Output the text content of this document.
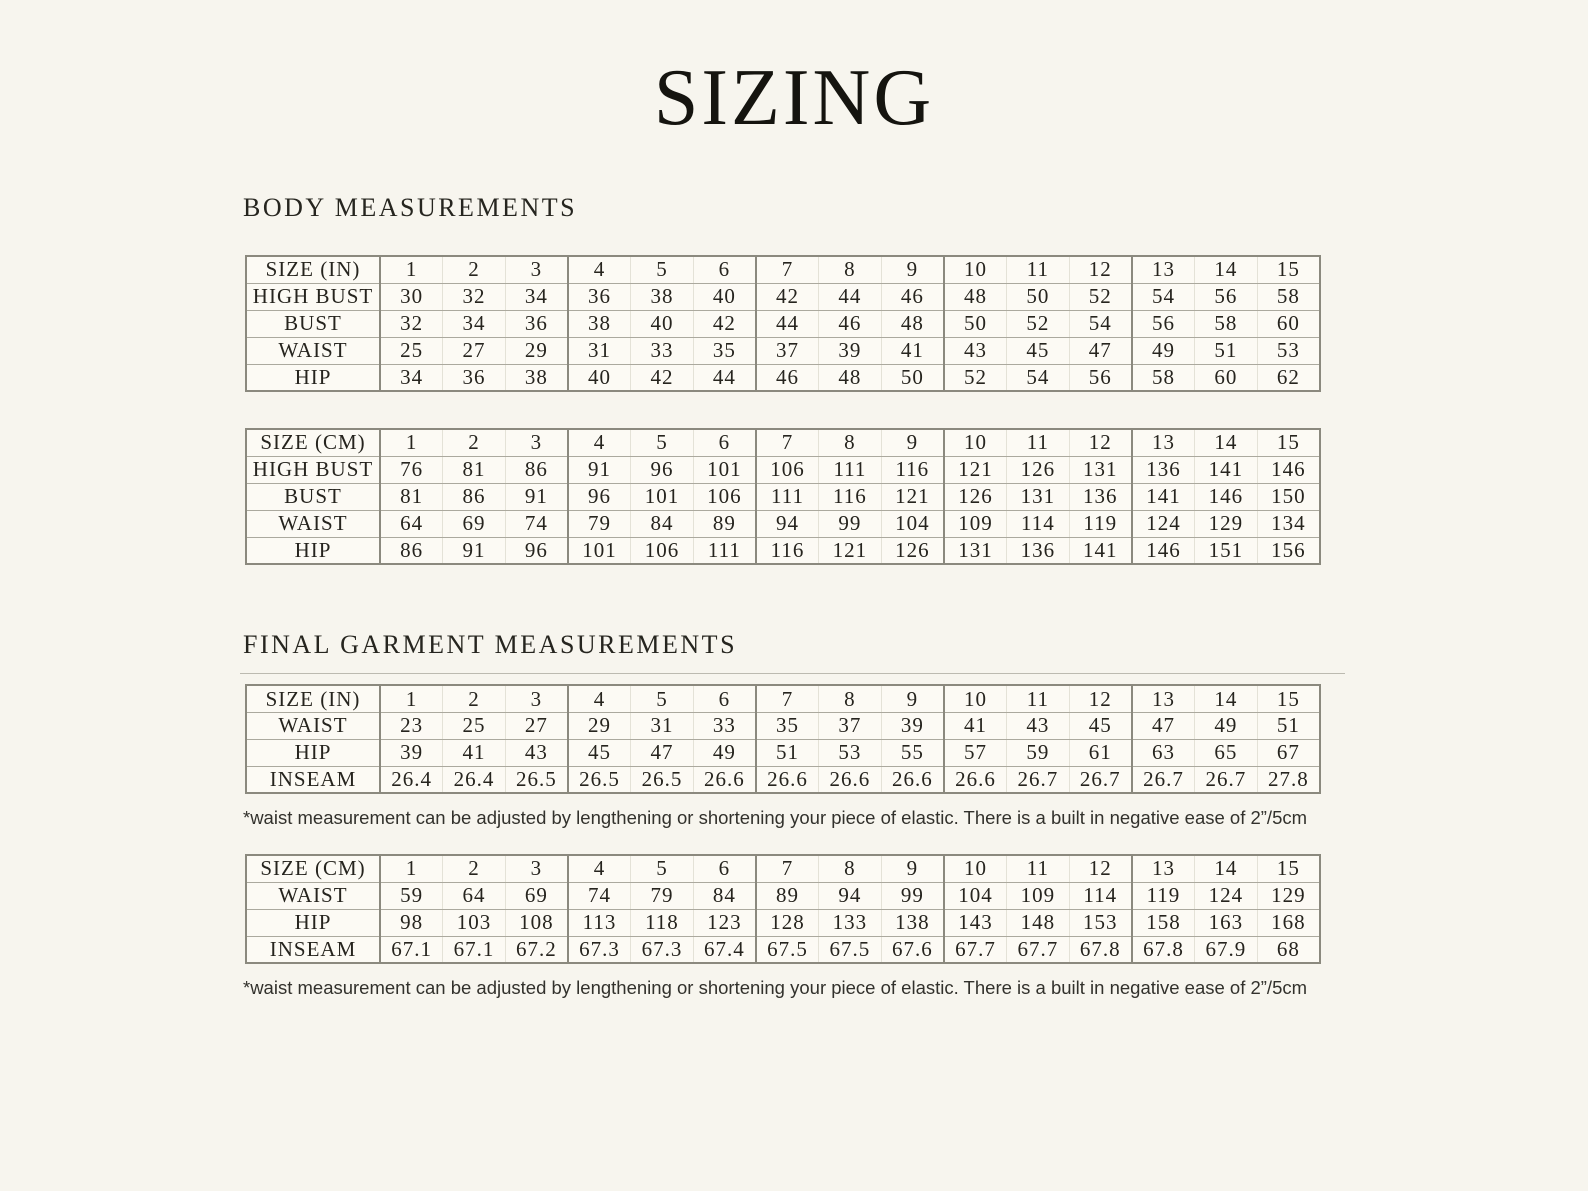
SIZING
BODY MEASUREMENTS
SIZE (IN)	1	2	3	4	5	6	7	8	9	10	11	12	13	14	15
HIGH BUST	30	32	34	36	38	40	42	44	46	48	50	52	54	56	58
BUST	32	34	36	38	40	42	44	46	48	50	52	54	56	58	60
WAIST	25	27	29	31	33	35	37	39	41	43	45	47	49	51	53
HIP	34	36	38	40	42	44	46	48	50	52	54	56	58	60	62
SIZE (CM)	1	2	3	4	5	6	7	8	9	10	11	12	13	14	15
HIGH BUST	76	81	86	91	96	101	106	111	116	121	126	131	136	141	146
BUST	81	86	91	96	101	106	111	116	121	126	131	136	141	146	150
WAIST	64	69	74	79	84	89	94	99	104	109	114	119	124	129	134
HIP	86	91	96	101	106	111	116	121	126	131	136	141	146	151	156
FINAL GARMENT MEASUREMENTS
SIZE (IN)	1	2	3	4	5	6	7	8	9	10	11	12	13	14	15
WAIST	23	25	27	29	31	33	35	37	39	41	43	45	47	49	51
HIP	39	41	43	45	47	49	51	53	55	57	59	61	63	65	67
INSEAM	26.4	26.4	26.5	26.5	26.5	26.6	26.6	26.6	26.6	26.6	26.7	26.7	26.7	26.7	27.8

*waist measurement can be adjusted by lengthening or shortening your piece of elastic. There is a built in negative ease of 2”/5cm

SIZE (CM)	1	2	3	4	5	6	7	8	9	10	11	12	13	14	15
WAIST	59	64	69	74	79	84	89	94	99	104	109	114	119	124	129
HIP	98	103	108	113	118	123	128	133	138	143	148	153	158	163	168
INSEAM	67.1	67.1	67.2	67.3	67.3	67.4	67.5	67.5	67.6	67.7	67.7	67.8	67.8	67.9	68

*waist measurement can be adjusted by lengthening or shortening your piece of elastic. There is a built in negative ease of 2”/5cm
